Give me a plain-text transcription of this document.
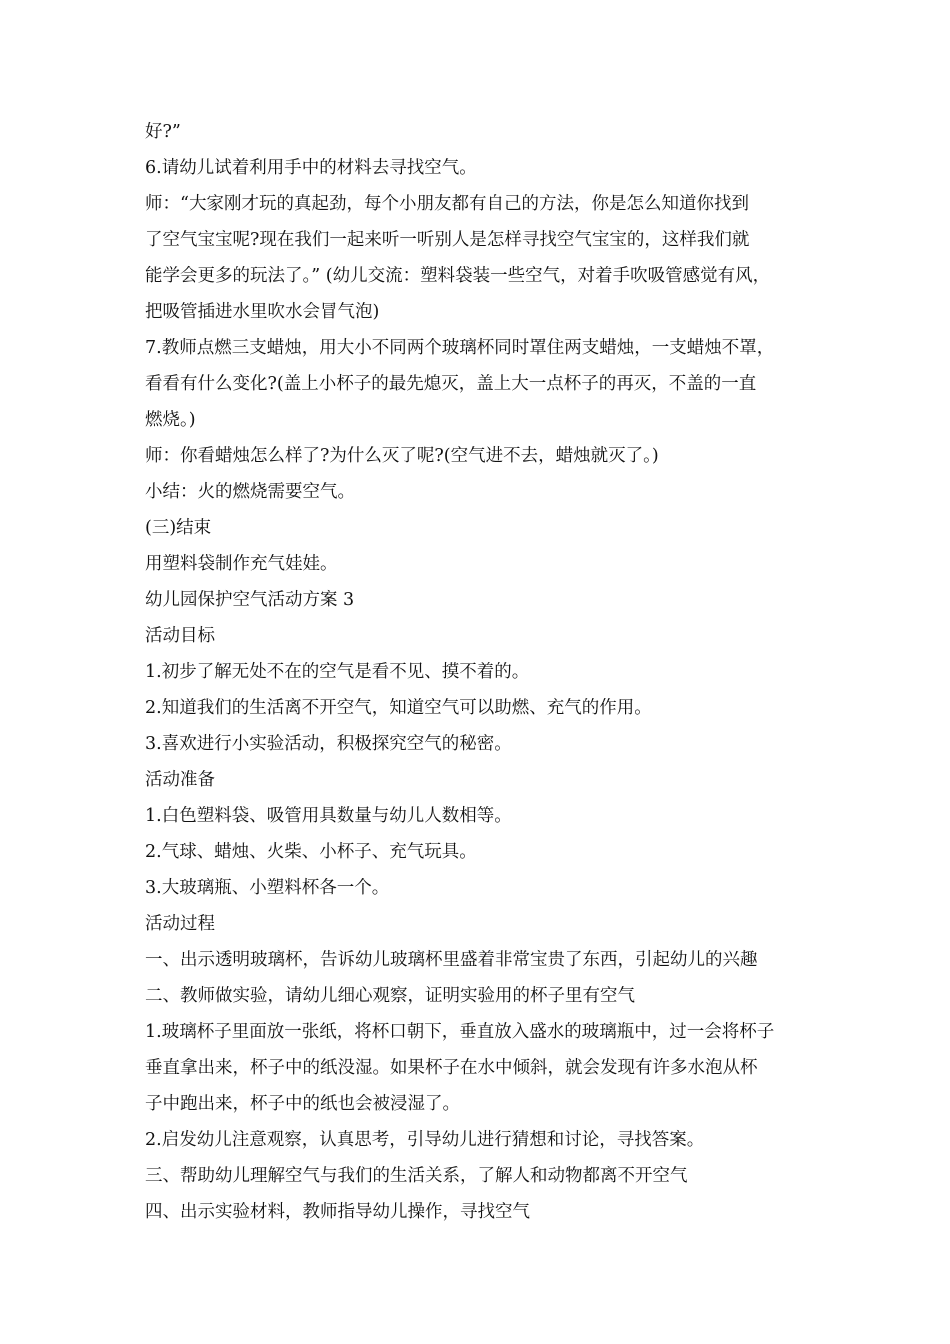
好?”
6.请幼儿试着利用手中的材料去寻找空气。
师：“大家刚才玩的真起劲，每个小朋友都有自己的方法，你是怎么知道你找到
了空气宝宝呢?现在我们一起来听一听别人是怎样寻找空气宝宝的，这样我们就
能学会更多的玩法了。” (幼儿交流：塑料袋装一些空气，对着手吹吸管感觉有风，
把吸管插进水里吹水会冒气泡)
7.教师点燃三支蜡烛，用大小不同两个玻璃杯同时罩住两支蜡烛，一支蜡烛不罩，
看看有什么变化?(盖上小杯子的最先熄灭，盖上大一点杯子的再灭，不盖的一直
燃烧。)
师：你看蜡烛怎么样了?为什么灭了呢?(空气进不去，蜡烛就灭了。)
小结：火的燃烧需要空气。
(三)结束
用塑料袋制作充气娃娃。
幼儿园保护空气活动方案 3
活动目标
1.初步了解无处不在的空气是看不见、摸不着的。
2.知道我们的生活离不开空气，知道空气可以助燃、充气的作用。
3.喜欢进行小实验活动，积极探究空气的秘密。
活动准备
1.白色塑料袋、吸管用具数量与幼儿人数相等。
2.气球、蜡烛、火柴、小杯子、充气玩具。
3.大玻璃瓶、小塑料杯各一个。
活动过程
一、出示透明玻璃杯，告诉幼儿玻璃杯里盛着非常宝贵了东西，引起幼儿的兴趣
二、教师做实验，请幼儿细心观察，证明实验用的杯子里有空气
1.玻璃杯子里面放一张纸，将杯口朝下，垂直放入盛水的玻璃瓶中，过一会将杯子
垂直拿出来，杯子中的纸没湿。如果杯子在水中倾斜，就会发现有许多水泡从杯
子中跑出来，杯子中的纸也会被浸湿了。
2.启发幼儿注意观察，认真思考，引导幼儿进行猜想和讨论，寻找答案。
三、帮助幼儿理解空气与我们的生活关系，了解人和动物都离不开空气
四、出示实验材料，教师指导幼儿操作，寻找空气
